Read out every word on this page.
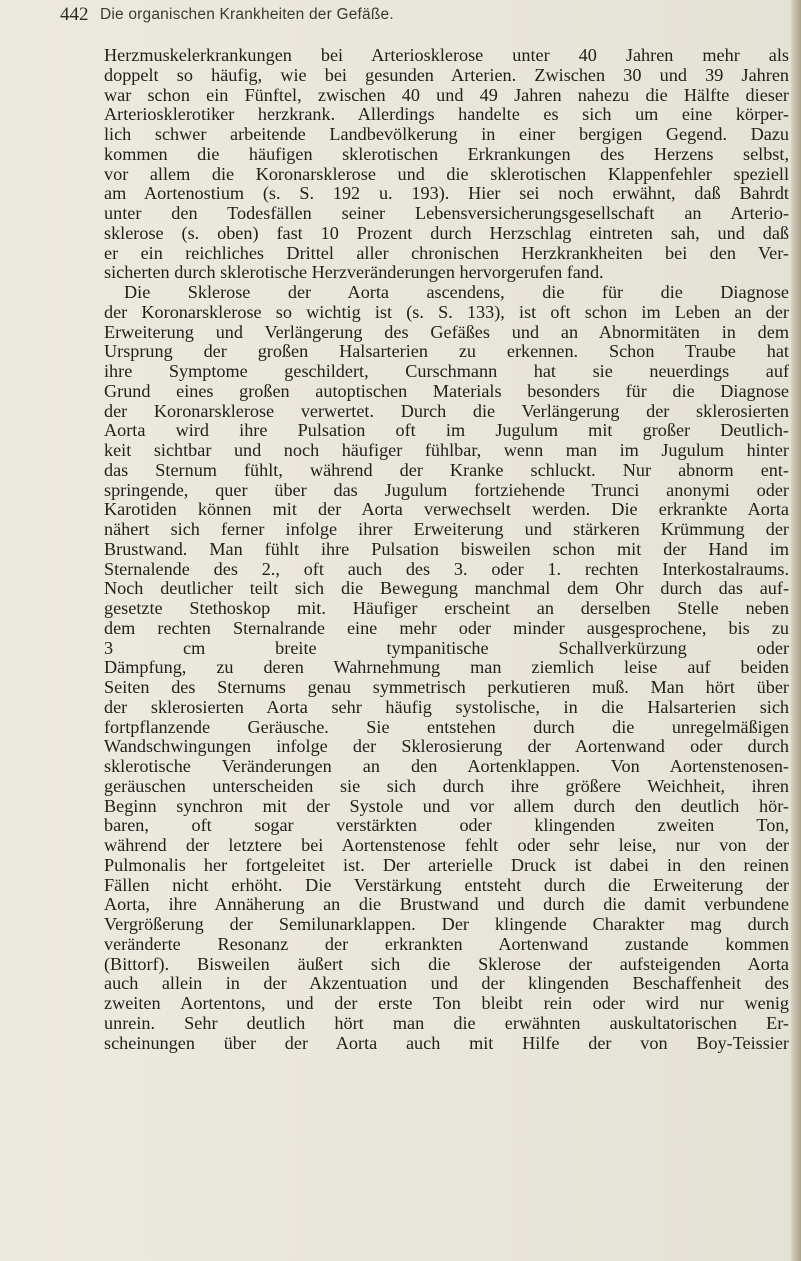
442 Die organischen Krankheiten der Gefäße.
Herzmuskelerkrankungen bei Arteriosklerose unter 40 Jahren mehr als
doppelt so häufig, wie bei gesunden Arterien. Zwischen 30 und 39 Jahren
war schon ein Fünftel, zwischen 40 und 49 Jahren nahezu die Hälfte dieser
Arteriosklerotiker herzkrank. Allerdings handelte es sich um eine körper-
lich schwer arbeitende Landbevölkerung in einer bergigen Gegend. Dazu
kommen die häufigen sklerotischen Erkrankungen des Herzens selbst,
vor allem die Koronarsklerose und die sklerotischen Klappenfehler speziell
am Aortenostium (s. S. 192 u. 193). Hier sei noch erwähnt, daß Bahrdt
unter den Todesfällen seiner Lebensversicherungsgesellschaft an Arterio-
sklerose (s. oben) fast 10 Prozent durch Herzschlag eintreten sah, und daß
er ein reichliches Drittel aller chronischen Herzkrankheiten bei den Ver-
sicherten durch sklerotische Herzveränderungen hervorgerufen fand.
Die Sklerose der Aorta ascendens, die für die Diagnose
der Koronarsklerose so wichtig ist (s. S. 133), ist oft schon im Leben an der
Erweiterung und Verlängerung des Gefäßes und an Abnormitäten in dem
Ursprung der großen Halsarterien zu erkennen. Schon Traube hat
ihre Symptome geschildert, Curschmann hat sie neuerdings auf
Grund eines großen autoptischen Materials besonders für die Diagnose
der Koronarsklerose verwertet. Durch die Verlängerung der sklerosierten
Aorta wird ihre Pulsation oft im Jugulum mit großer Deutlich-
keit sichtbar und noch häufiger fühlbar, wenn man im Jugulum hinter
das Sternum fühlt, während der Kranke schluckt. Nur abnorm ent-
springende, quer über das Jugulum fortziehende Trunci anonymi oder
Karotiden können mit der Aorta verwechselt werden. Die erkrankte Aorta
nähert sich ferner infolge ihrer Erweiterung und stärkeren Krümmung der
Brustwand. Man fühlt ihre Pulsation bisweilen schon mit der Hand im
Sternalende des 2., oft auch des 3. oder 1. rechten Interkostalraums.
Noch deutlicher teilt sich die Bewegung manchmal dem Ohr durch das auf-
gesetzte Stethoskop mit. Häufiger erscheint an derselben Stelle neben
dem rechten Sternalrande eine mehr oder minder ausgesprochene, bis zu
3 cm breite tympanitische Schallverkürzung oder
Dämpfung, zu deren Wahrnehmung man ziemlich leise auf beiden
Seiten des Sternums genau symmetrisch perkutieren muß. Man hört über
der sklerosierten Aorta sehr häufig systolische, in die Halsarterien sich
fortpflanzende Geräusche. Sie entstehen durch die unregelmäßigen
Wandschwingungen infolge der Sklerosierung der Aortenwand oder durch
sklerotische Veränderungen an den Aortenklappen. Von Aortenstenosen-
geräuschen unterscheiden sie sich durch ihre größere Weichheit, ihren
Beginn synchron mit der Systole und vor allem durch den deutlich hör-
baren, oft sogar verstärkten oder klingenden zweiten Ton,
während der letztere bei Aortenstenose fehlt oder sehr leise, nur von der
Pulmonalis her fortgeleitet ist. Der arterielle Druck ist dabei in den reinen
Fällen nicht erhöht. Die Verstärkung entsteht durch die Erweiterung der
Aorta, ihre Annäherung an die Brustwand und durch die damit verbundene
Vergrößerung der Semilunarklappen. Der klingende Charakter mag durch
veränderte Resonanz der erkrankten Aortenwand zustande kommen
(Bittorf). Bisweilen äußert sich die Sklerose der aufsteigenden Aorta
auch allein in der Akzentuation und der klingenden Beschaffenheit des
zweiten Aortentons, und der erste Ton bleibt rein oder wird nur wenig
unrein. Sehr deutlich hört man die erwähnten auskultatorischen Er-
scheinungen über der Aorta auch mit Hilfe der von Boy-Teissier
